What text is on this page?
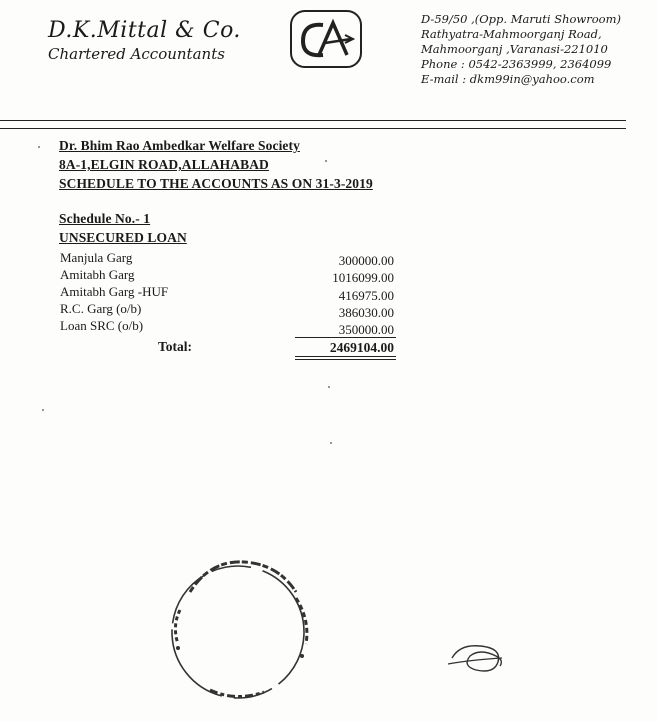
D.K.Mittal & Co.
Chartered Accountants
D-59/50 ,(Opp. Maruti Showroom)
Rathyatra-Mahmoorganj Road,
Mahmoorganj ,Varanasi-221010
Phone : 0542-2363999, 2364099
E-mail : dkm99in@yahoo.com
Dr. Bhim Rao Ambedkar Welfare Society
8A-1,ELGIN ROAD,ALLAHABAD
SCHEDULE TO THE ACCOUNTS AS ON 31-3-2019
Schedule No.- 1
UNSECURED LOAN
Manjula Garg	300000.00
Amitabh Garg	1016099.00
Amitabh Garg -HUF	416975.00
R.C. Garg (o/b)	386030.00
Loan SRC (o/b)	350000.00
Total:	2469104.00
